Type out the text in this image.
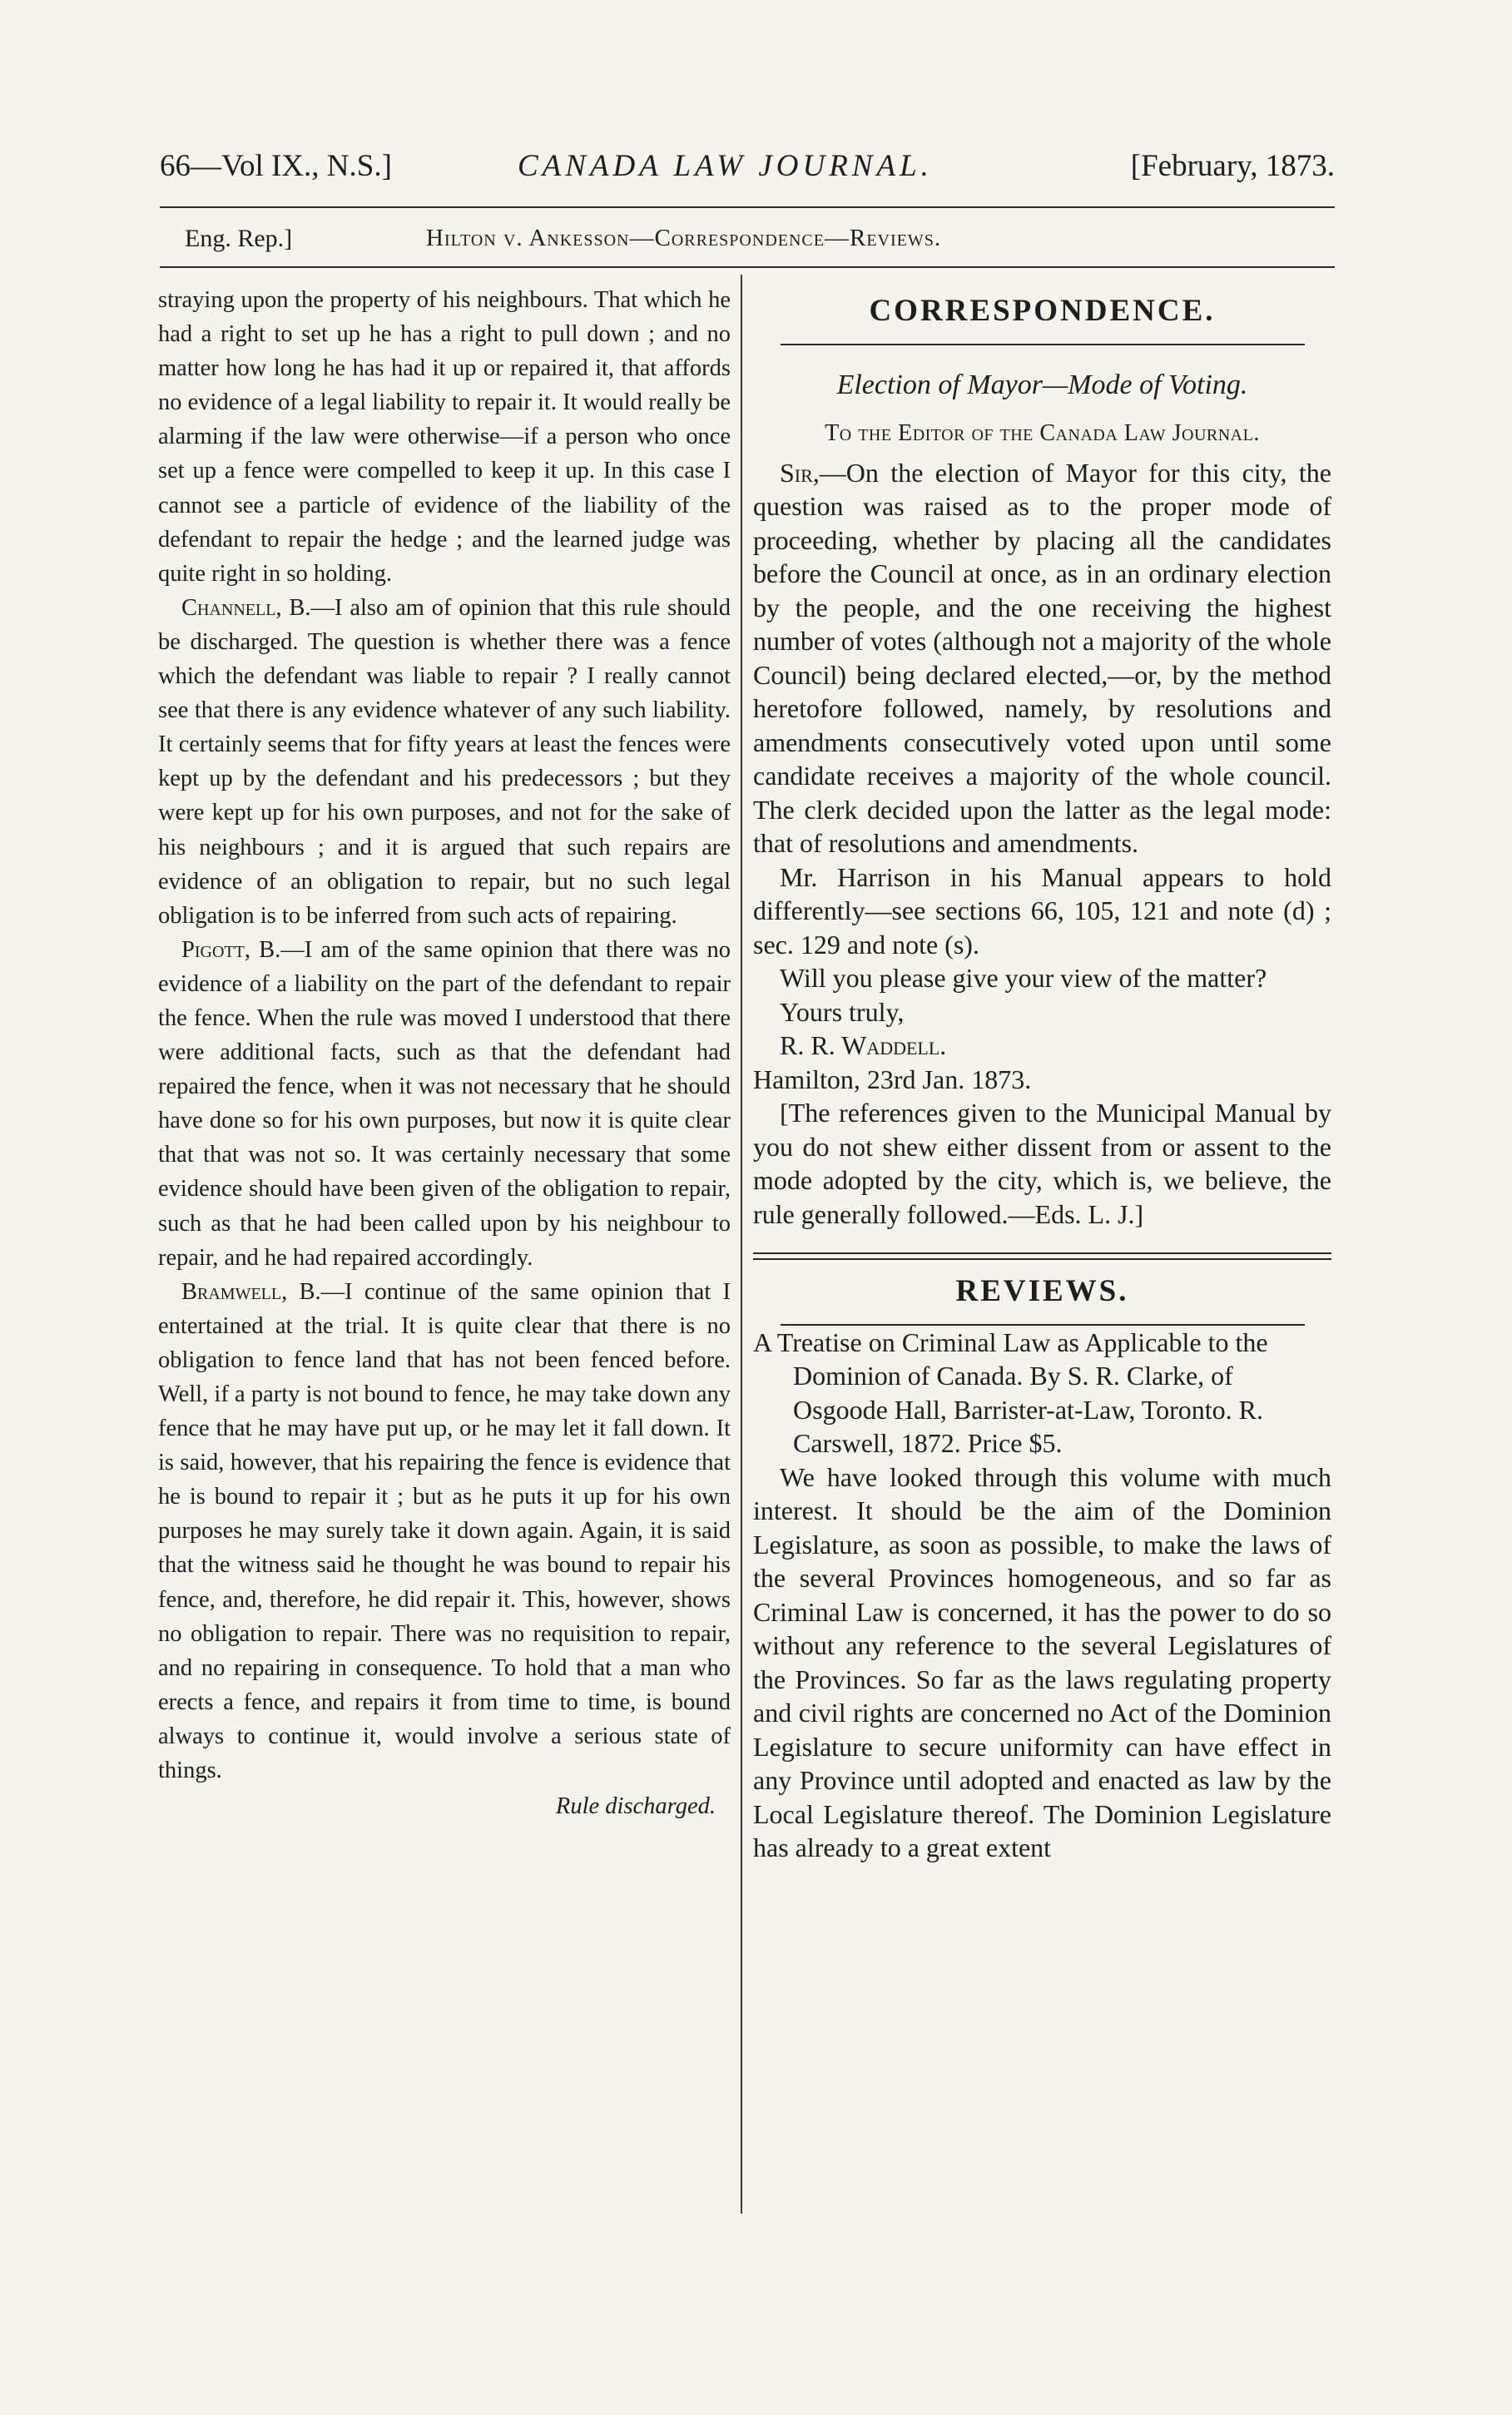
66—Vol IX., N.S.]	CANADA LAW JOURNAL.	[February, 1873.
Eng. Rep.]	Hilton v. Ankesson—Correspondence—Reviews.

straying upon the property of his neighbours. That which he had a right to set up he has a right to pull down ; and no matter how long he has had it up or repaired it, that affords no evidence of a legal liability to repair it. It would really be alarming if the law were otherwise—if a person who once set up a fence were compelled to keep it up. In this case I cannot see a particle of evidence of the liability of the defendant to repair the hedge ; and the learned judge was quite right in so holding.

Channell, B.—I also am of opinion that this rule should be discharged. The question is whether there was a fence which the defendant was liable to repair ? I really cannot see that there is any evidence whatever of any such liability. It certainly seems that for fifty years at least the fences were kept up by the defendant and his predecessors ; but they were kept up for his own purposes, and not for the sake of his neighbours ; and it is argued that such repairs are evidence of an obligation to repair, but no such legal obligation is to be inferred from such acts of repairing.

Pigott, B.—I am of the same opinion that there was no evidence of a liability on the part of the defendant to repair the fence. When the rule was moved I understood that there were additional facts, such as that the defendant had repaired the fence, when it was not necessary that he should have done so for his own purposes, but now it is quite clear that that was not so. It was certainly necessary that some evidence should have been given of the obligation to repair, such as that he had been called upon by his neighbour to repair, and he had repaired accordingly.

Bramwell, B.—I continue of the same opinion that I entertained at the trial. It is quite clear that there is no obligation to fence land that has not been fenced before. Well, if a party is not bound to fence, he may take down any fence that he may have put up, or he may let it fall down. It is said, however, that his repairing the fence is evidence that he is bound to repair it ; but as he puts it up for his own purposes he may surely take it down again. Again, it is said that the witness said he thought he was bound to repair his fence, and, therefore, he did repair it. This, however, shows no obligation to repair. There was no requisition to repair, and no repairing in consequence. To hold that a man who erects a fence, and repairs it from time to time, is bound always to continue it, would involve a serious state of things.

Rule discharged.

CORRESPONDENCE.
Election of Mayor—Mode of Voting.
To the Editor of the Canada Law Journal.

Sir,—On the election of Mayor for this city, the question was raised as to the proper mode of proceeding, whether by placing all the candidates before the Council at once, as in an ordinary election by the people, and the one receiving the highest number of votes (although not a majority of the whole Council) being declared elected,—or, by the method heretofore followed, namely, by resolutions and amendments consecutively voted upon until some candidate receives a majority of the whole council. The clerk decided upon the latter as the legal mode: that of resolutions and amendments.

Mr. Harrison in his Manual appears to hold differently—see sections 66, 105, 121 and note (d) ; sec. 129 and note (s).

Will you please give your view of the matter?

Yours truly,

R. R. Waddell.

Hamilton, 23rd Jan. 1873.

[The references given to the Municipal Manual by you do not shew either dissent from or assent to the mode adopted by the city, which is, we believe, the rule generally followed.—Eds. L. J.]

REVIEWS.

A Treatise on Criminal Law as Applicable to the Dominion of Canada. By S. R. Clarke, of Osgoode Hall, Barrister-at-Law, Toronto. R. Carswell, 1872. Price $5.

We have looked through this volume with much interest. It should be the aim of the Dominion Legislature, as soon as possible, to make the laws of the several Provinces homogeneous, and so far as Criminal Law is concerned, it has the power to do so without any reference to the several Legislatures of the Provinces. So far as the laws regulating property and civil rights are concerned no Act of the Dominion Legislature to secure uniformity can have effect in any Province until adopted and enacted as law by the Local Legislature thereof. The Dominion Legislature has already to a great extent
